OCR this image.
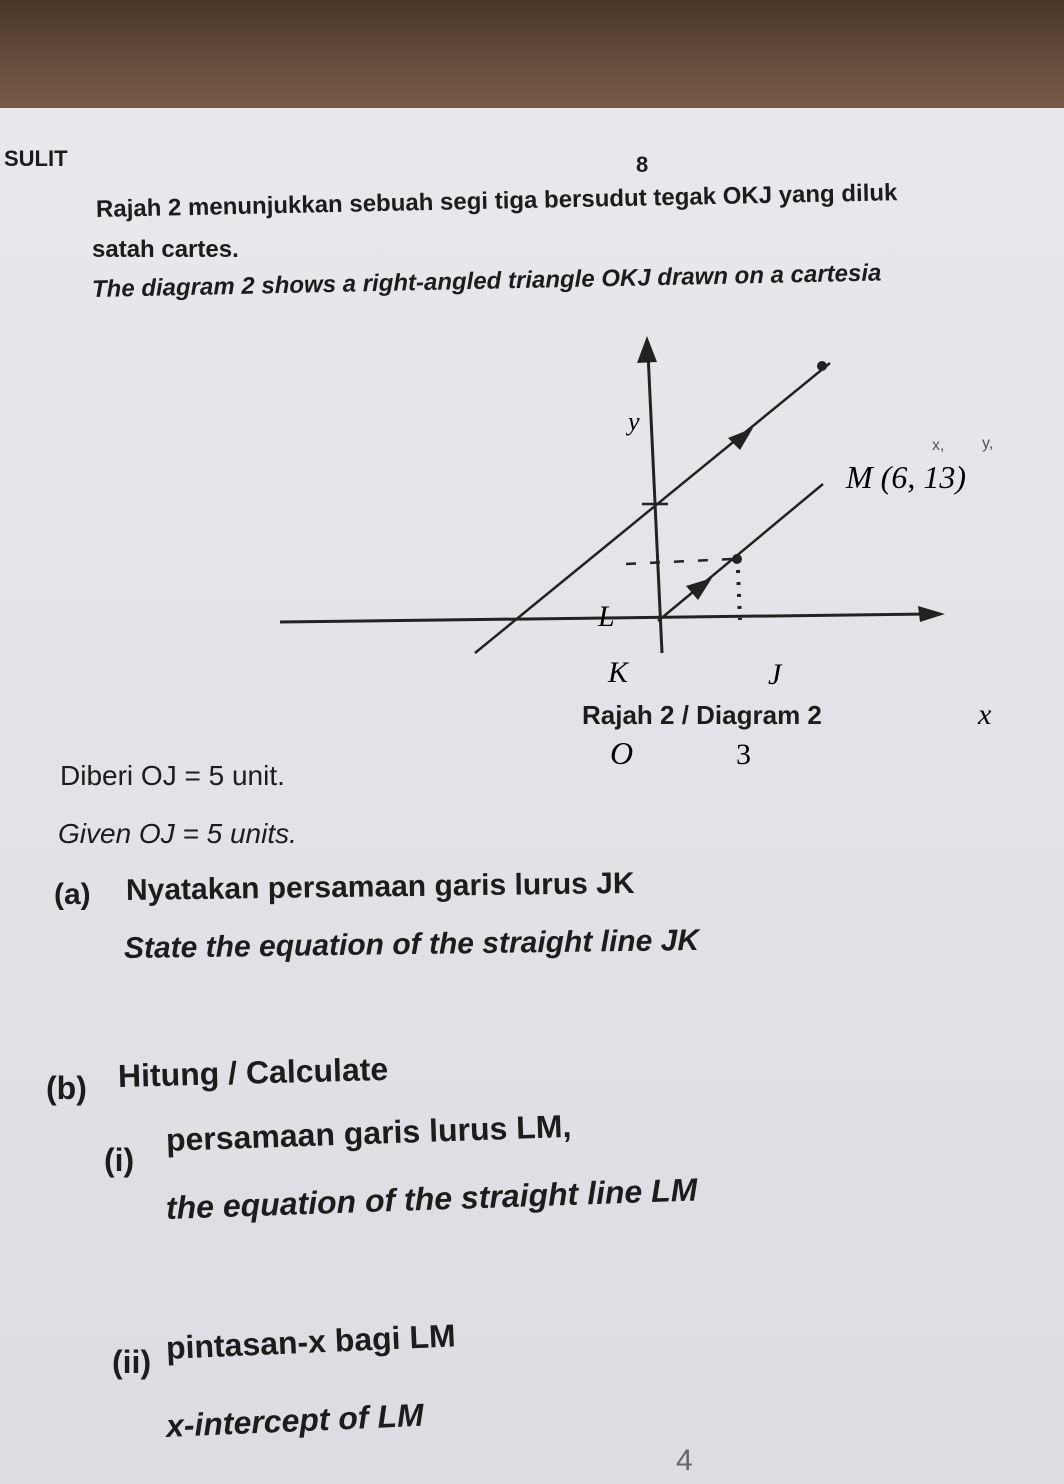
SULIT	8
Rajah 2 menunjukkan sebuah segi tiga bersudut tegak OKJ yang diluk
satah cartes.
The diagram 2 shows a right-angled triangle OKJ drawn on a cartesia
y
x
M (6, 13)
L
K	J
O	3
x, y,
Rajah 2 / Diagram 2
Diberi OJ = 5 unit.
Given OJ = 5 units.
(a) Nyatakan persamaan garis lurus JK
State the equation of the straight line JK
(b) Hitung / Calculate
(i)
persamaan garis lurus LM,
the equation of the straight line LM
(ii) pintasan-x bagi LM
x-intercept of LM
4
